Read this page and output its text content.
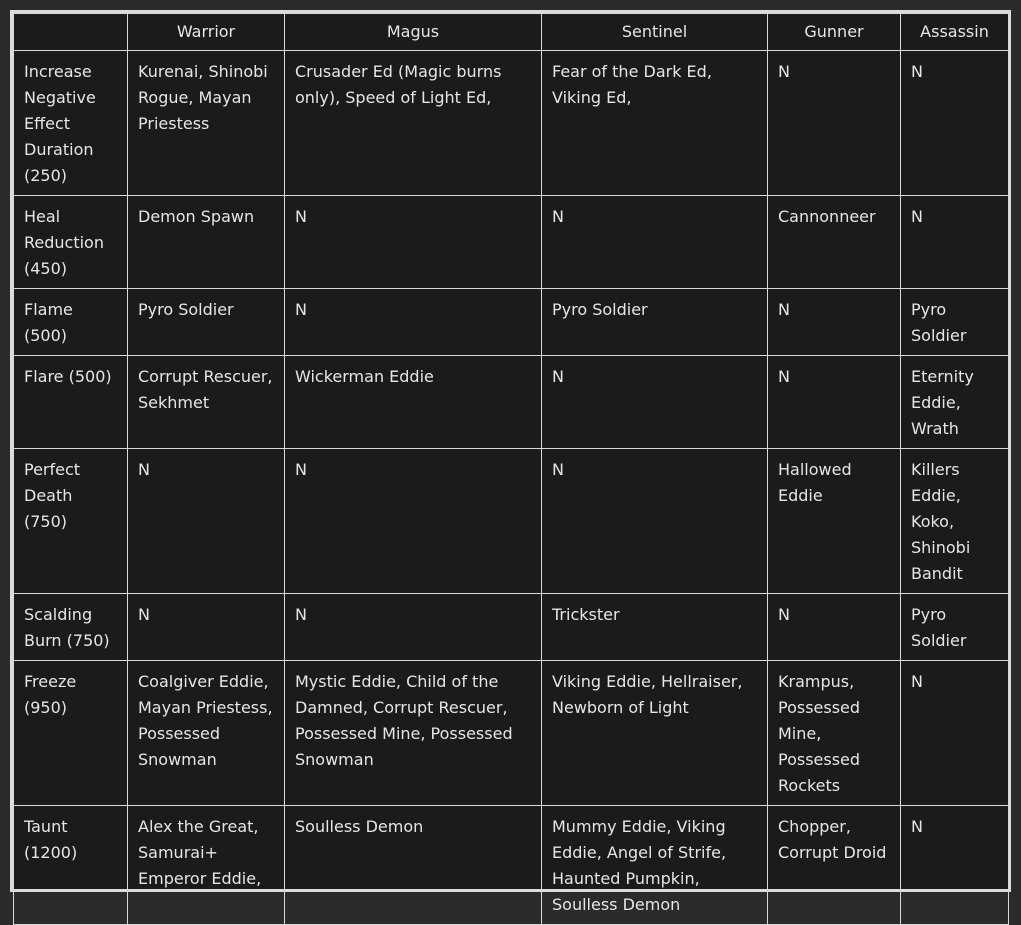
	Warrior	Magus	Sentinel	Gunner	Assassin
Increase Negative Effect Duration (250)	Kurenai, Shinobi Rogue, Mayan Priestess	Crusader Ed (Magic burns only), Speed of Light Ed,	Fear of the Dark Ed, Viking Ed,	N	N
Heal Reduction (450)	Demon Spawn	N	N	Cannonneer	N
Flame (500)	Pyro Soldier	N	Pyro Soldier	N	Pyro Soldier
Flare (500)	Corrupt Rescuer, Sekhmet	Wickerman Eddie	N	N	Eternity Eddie, Wrath
Perfect Death (750)	N	N	N	Hallowed Eddie	Killers Eddie, Koko, Shinobi Bandit
Scalding Burn (750)	N	N	Trickster	N	Pyro Soldier
Freeze (950)	Coalgiver Eddie, Mayan Priestess, Possessed Snowman	Mystic Eddie, Child of the Damned, Corrupt Rescuer, Possessed Mine, Possessed Snowman	Viking Eddie, Hellraiser, Newborn of Light	Krampus, Possessed Mine, Possessed Rockets	N
Taunt (1200)	Alex the Great, Samurai+ Emperor Eddie,	Soulless Demon	Mummy Eddie, Viking Eddie, Angel of Strife, Haunted Pumpkin, Soulless Demon	Chopper, Corrupt Droid	N
